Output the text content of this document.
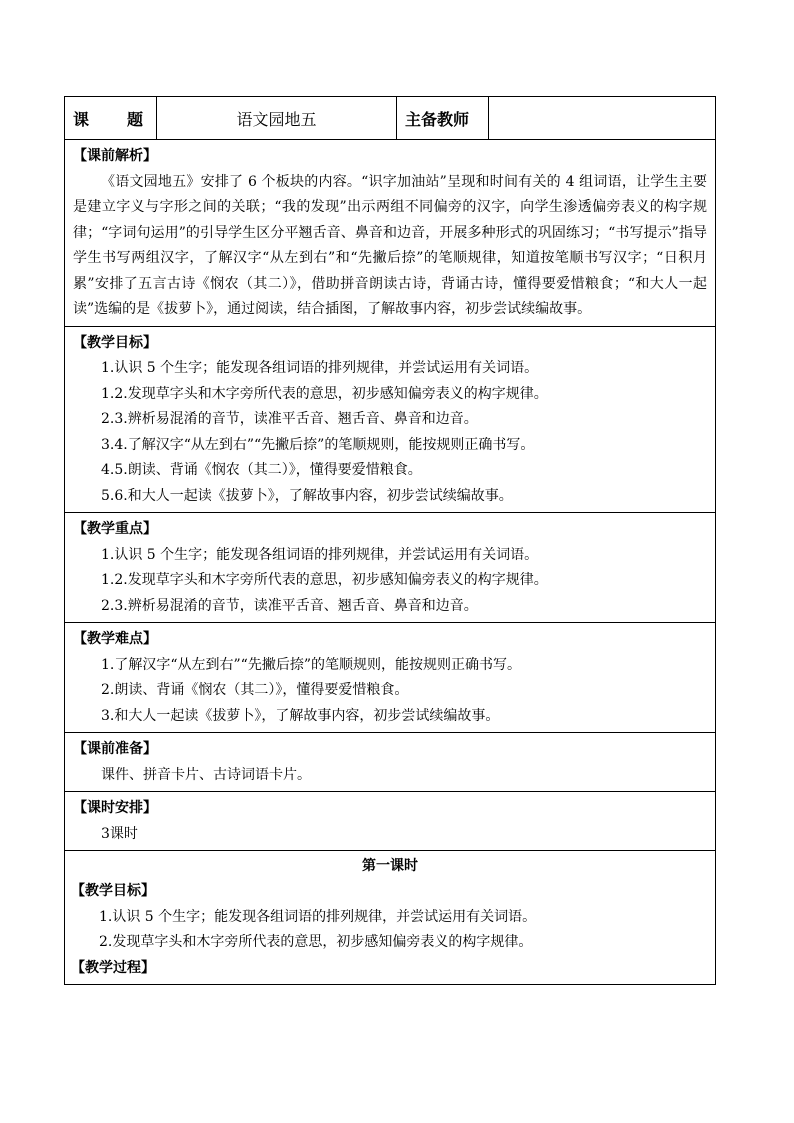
课 题	语文园地五	主备教师	

【课前解析】
《语文园地五》安排了 6 个板块的内容。“识字加油站”呈现和时间有关的 4 组词语，让学生主要是建立字义与字形之间的关联；“我的发现”出示两组不同偏旁的汉字，向学生渗透偏旁表义的构字规律；“字词句运用”的引导学生区分平翘舌音、鼻音和边音，开展多种形式的巩固练习；“书写提示”指导学生书写两组汉字，了解汉字“从左到右”和“先撇后捺”的笔顺规律，知道按笔顺书写汉字；“日积月累”安排了五言古诗《悯农（其二）》，借助拼音朗读古诗，背诵古诗，懂得要爱惜粮食；“和大人一起读”选编的是《拔萝卜》，通过阅读，结合插图，了解故事内容，初步尝试续编故事。

【教学目标】
1.认识 5 个生字；能发现各组词语的排列规律，并尝试运用有关词语。
1.2.发现草字头和木字旁所代表的意思，初步感知偏旁表义的构字规律。
2.3.辨析易混淆的音节，读准平舌音、翘舌音、鼻音和边音。
3.4.了解汉字“从左到右”“先撇后捺”的笔顺规则，能按规则正确书写。
4.5.朗读、背诵《悯农（其二）》，懂得要爱惜粮食。
5.6.和大人一起读《拔萝卜》，了解故事内容，初步尝试续编故事。

【教学重点】
1.认识 5 个生字；能发现各组词语的排列规律，并尝试运用有关词语。
1.2.发现草字头和木字旁所代表的意思，初步感知偏旁表义的构字规律。
2.3.辨析易混淆的音节，读准平舌音、翘舌音、鼻音和边音。

【教学难点】
1.了解汉字“从左到右”“先撇后捺”的笔顺规则，能按规则正确书写。
2.朗读、背诵《悯农（其二）》，懂得要爱惜粮食。
3.和大人一起读《拔萝卜》，了解故事内容，初步尝试续编故事。

【课前准备】
课件、拼音卡片、古诗词语卡片。

【课时安排】
3课时

第一课时
【教学目标】
1.认识 5 个生字；能发现各组词语的排列规律，并尝试运用有关词语。
2.发现草字头和木字旁所代表的意思，初步感知偏旁表义的构字规律。
【教学过程】
